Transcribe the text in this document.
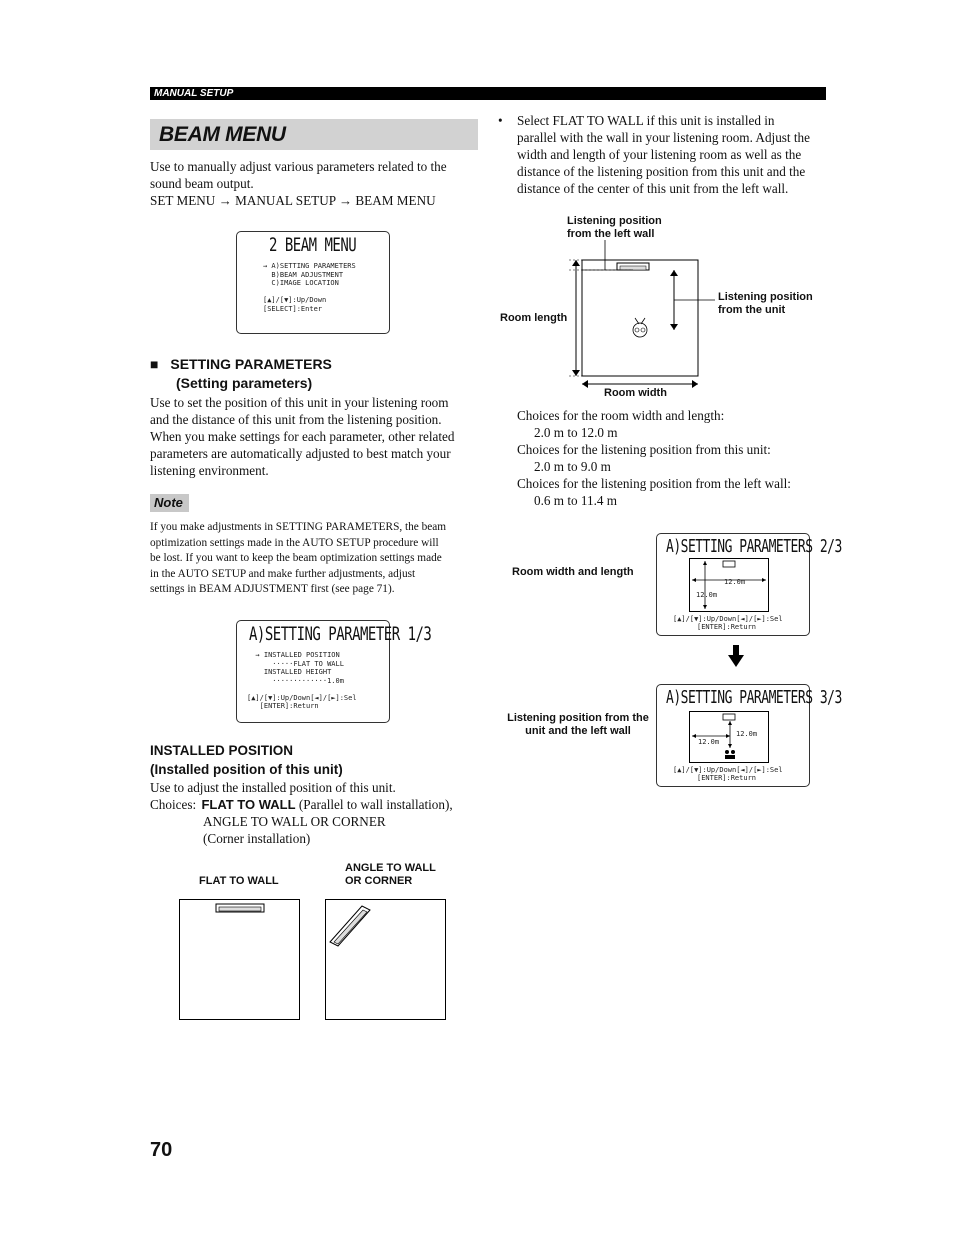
MANUAL SETUP
BEAM MENU
Use to manually adjust various parameters related to the
sound beam output.
SET MENU → MANUAL SETUP → BEAM MENU
2 BEAM MENU
→ A)SETTING PARAMETERS
B)BEAM ADJUSTMENT
C)IMAGE LOCATION
[▲]/[▼]:Up/Down
[SELECT]:Enter
■ SETTING PARAMETERS
(Setting parameters)
Use to set the position of this unit in your listening room
and the distance of this unit from the listening position.
When you make settings for each parameter, other related
parameters are automatically adjusted to best match your
listening environment.
Note
If you make adjustments in SETTING PARAMETERS, the beam
optimization settings made in the AUTO SETUP procedure will
be lost. If you want to keep the beam optimization settings made
in the AUTO SETUP and make further adjustments, adjust
settings in BEAM ADJUSTMENT first (see page 71).
A)SETTING PARAMETER 1/3
→ INSTALLED POSITION
·····FLAT TO WALL
INSTALLED HEIGHT
·············1.0m
[▲]/[▼]:Up/Down[◄]/[►]:Sel
[ENTER]:Return
INSTALLED POSITION
(Installed position of this unit)
Use to adjust the installed position of this unit.
Choices: FLAT TO WALL (Parallel to wall installation),
ANGLE TO WALL OR CORNER
(Corner installation)
FLAT TO WALL
ANGLE TO WALL
OR CORNER
• Select FLAT TO WALL if this unit is installed in
parallel with the wall in your listening room. Adjust the
width and length of your listening room as well as the
distance of the listening position from this unit and the
distance of the center of this unit from the left wall.
Listening position
from the left wall
Listening position
from the unit
Room length
Room width
Choices for the room width and length:
2.0 m to 12.0 m
Choices for the listening position from this unit:
2.0 m to 9.0 m
Choices for the listening position from the left wall:
0.6 m to 11.4 m
Room width and length
A)SETTING PARAMETERS 2/3
12.0m
12.0m
[▲]/[▼]:Up/Down[◄]/[►]:Sel
[ENTER]:Return
Listening position from the
unit and the left wall
A)SETTING PARAMETERS 3/3
12.0m
12.0m
[▲]/[▼]:Up/Down[◄]/[►]:Sel
[ENTER]:Return
70
